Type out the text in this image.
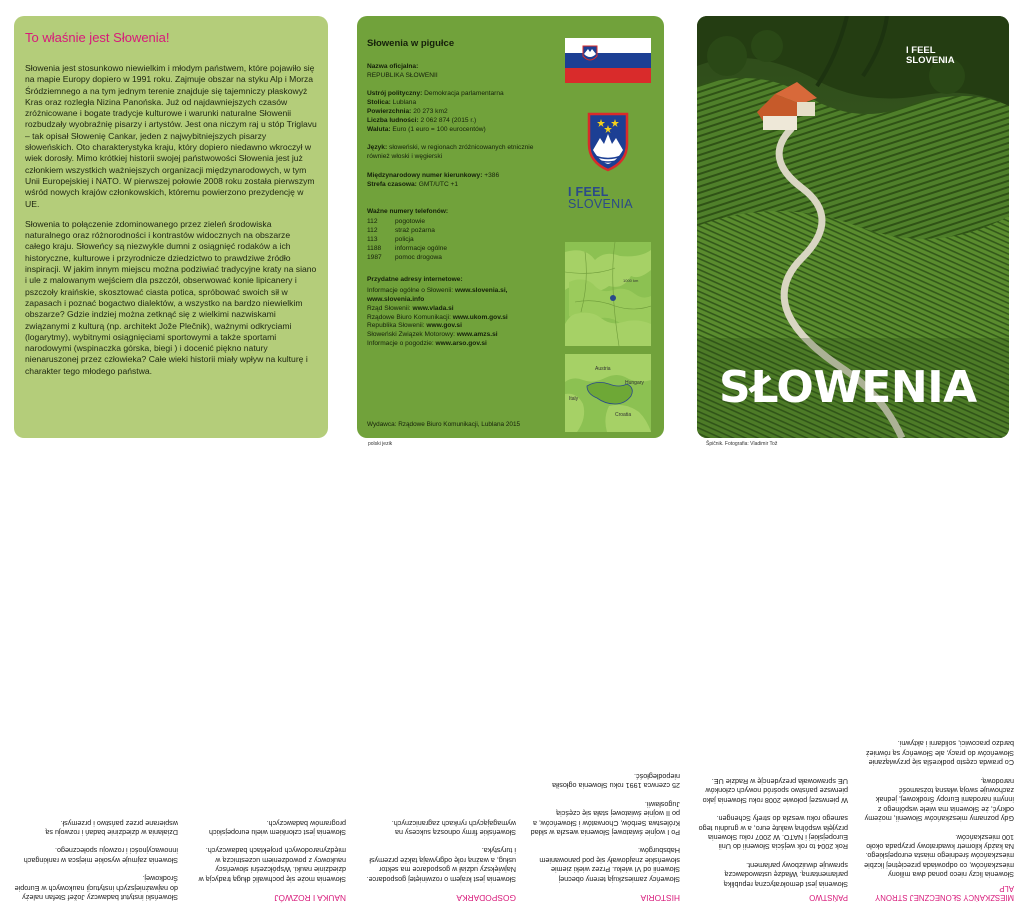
To właśnie jest Słowenia!

Słowenia jest stosunkowo niewielkim i młodym państwem, które pojawiło się na mapie Europy dopiero w 1991 roku. Zajmuje obszar na styku Alp i Morza Śródziemnego a na tym jednym terenie znajduje się tajemniczy płaskowyż Kras oraz rozległa Nizina Panońska. Już od najdawniejszych czasów zróżnicowane i bogate tradycje kulturowe i warunki naturalne Słowenii rozbudzały wyobraźnię pisarzy i artystów. Jest ona niczym raj u stóp Triglavu – tak opisał Słowenię Cankar, jeden z najwybitniejszych pisarzy słoweńskich. Oto charakterystyka kraju, który dopiero niedawno wkroczył w wiek dorosły. Mimo krótkiej historii swojej państwowości Słowenia jest już członkiem wszystkich ważniejszych organizacji międzynarodowych, w tym Unii Europejskiej i NATO. W pierwszej połowie 2008 roku została pierwszym wśród nowych krajów członkowskich, któremu powierzono prezydencję w UE.

Słowenia to połączenie zdominowanego przez zieleń środowiska naturalnego oraz różnorodności i kontrastów widocznych na obszarze całego kraju. Słoweńcy są niezwykle dumni z osiągnięć rodaków a ich historyczne, kulturowe i przyrodnicze dziedzictwo to prawdziwe źródło inspiracji. W jakim innym miejscu można podziwiać tradycyjne kraty na siano i ule z malowanym wejściem dla pszczół, obserwować konie lipicanery i pszczoły kraińskie, skosztować ciasta potica, spróbować swoich sił w zapasach i poznać bogactwo dialektów, a wszystko na bardzo niewielkim obszarze? Gdzie indziej można zetknąć się z wielkimi nazwiskami związanymi z kulturą (np. architekt Jože Plečnik), ważnymi odkryciami (logarytmy), wybitnymi osiągnięciami sportowymi a także sportami narodowymi (wspinaczka górska, biegi ) i docenić piękno natury nienaruszonej przez człowieka? Całe wieki historii miały wpływ na kulturę i charakter tego młodego państwa.

Słowenia w pigułce
Nazwa oficjalna:
REPUBLIKA SŁOWENII
Ustrój polityczny: Demokracja parlamentarna
Stolica: Lublana
Powierzchnia: 20 273 km2
Liczba ludności: 2 062 874 (2015 r.)
Waluta: Euro (1 euro = 100 eurocentów)
Język: słoweński, w regionach zróżnicowanych etnicznie również włoski i węgierski
Międzynarodowy numer kierunkowy: +386
Strefa czasowa: GMT/UTC +1
Ważne numery telefonów:
112	pogotowie
112	straż pożarna
113	policja
1188	informacje ogólne
1987	pomoc drogowa
Przydatne adresy internetowe:
Informacje ogólne o Słowenii: www.slovenia.si,
www.slovenia.info
Rząd Słowenii: www.vlada.si
Rządowe Biuro Komunikacji: www.ukom.gov.si
Republika Słowenii: www.gov.si
Słoweński Związek Motorowy: www.amzs.si
Informacje o pogodzie: www.arso.gov.si
Wydawca: Rządowe Biuro Komunikacji, Lublana 2015
I FEEL
SLOVENIA
1000 km
Austria
Hungary
Italy
Croatia
I FEEL
SLOVENIA
SŁOWENIA
polski jezik	Špičnik. Fotografia: Vladimir Tož

MIESZKAŃCY SŁONECZNEJ STRONY ALP

Słowenia liczy nieco ponad dwa miliony mieszkańców, co odpowiada przeciętnej liczbie mieszkańców średniego miasta europejskiego. Na każdy kilometr kwadratowy przypada około 100 mieszkańców.

Gdy poznamy mieszkańców Słowenii, możemy odkryć, że Słowenia ma wiele wspólnego z innymi narodami Europy Środkowej, jednak zachowuje swoją własną tożsamość narodową.

Co prawda często podkreśla się przywiązanie Słoweńców do pracy, ale Słoweńcy są również bardzo pracowici, solidarni i aktywni.

PAŃSTWO

Słowenia jest demokratyczną republiką parlamentarną. Władzę ustawodawczą sprawuje dwuizbowy parlament.

Rok 2004 to rok wejścia Słowenii do Unii Europejskiej i NATO. W 2007 roku Słowenia przyjęła wspólną walutę euro, a w grudniu tego samego roku weszła do strefy Schengen.

W pierwszej połowie 2008 roku Słowenia jako pierwsze państwo spośród nowych członków UE sprawowała prezydencję w Radzie UE.

HISTORIA

Słoweńcy zamieszkują tereny obecnej Słowenii od VI wieku. Przez wieki ziemie słoweńskie znajdowały się pod panowaniem Habsburgów.

Po I wojnie światowej Słowenia weszła w skład Królestwa Serbów, Chorwatów i Słoweńców, a po II wojnie światowej stała się częścią Jugosławii.

25 czerwca 1991 roku Słowenia ogłosiła niepodległość.

GOSPODARKA

Słowenia jest krajem o rozwiniętej gospodarce. Największy udział w gospodarce ma sektor usług, a ważną rolę odgrywają także przemysł i turystyka.

Słoweńskie firmy odnoszą sukcesy na wymagających rynkach zagranicznych.

NAUKA I ROZWÓJ

Słowenia może się pochwalić długą tradycją w dziedzinie nauki. Współcześni słoweńscy naukowcy z powodzeniem uczestniczą w międzynarodowych projektach badawczych.

Słowenia jest członkiem wielu europejskich programów badawczych.

Słoweński instytut badawczy Jožef Stefan należy do najważniejszych instytucji naukowych w Europie Środkowej.

Słowenia zajmuje wysokie miejsca w rankingach innowacyjności i rozwoju społecznego.

Działania w dziedzinie badań i rozwoju są wspierane przez państwo i przemysł.
